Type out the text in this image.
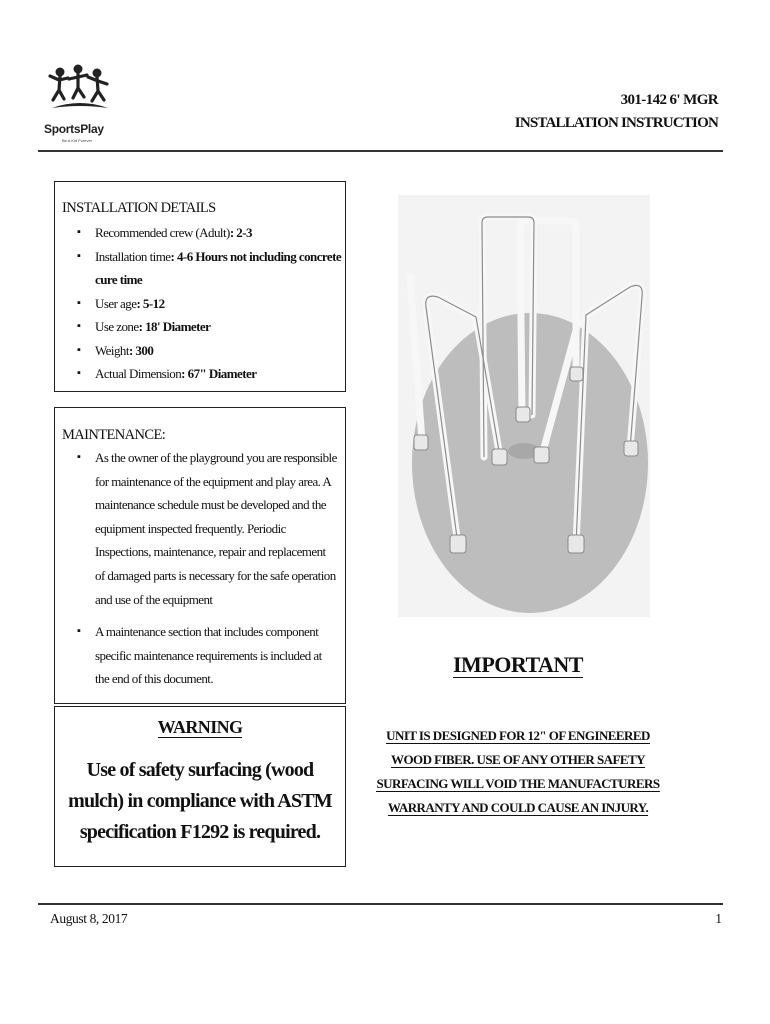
SportsPlay
Be A Kid Forever
301-142 6' MGR
INSTALLATION INSTRUCTION
INSTALLATION DETAILS
▪ Recommended crew (Adult): 2-3
▪ Installation time: 4-6 Hours not including concrete cure time
▪ User age: 5-12
▪ Use zone: 18' Diameter
▪ Weight: 300
▪ Actual Dimension: 67" Diameter
MAINTENANCE:
▪ As the owner of the playground you are responsible for maintenance of the equipment and play area. A maintenance schedule must be developed and the equipment inspected frequently. Periodic Inspections, maintenance, repair and replacement of damaged parts is necessary for the safe operation and use of the equipment
▪ A maintenance section that includes component specific maintenance requirements is included at the end of this document.
WARNING
Use of safety surfacing (wood mulch) in compliance with ASTM specification F1292 is required.
IMPORTANT
UNIT IS DESIGNED FOR 12" OF ENGINEERED WOOD FIBER. USE OF ANY OTHER SAFETY SURFACING WILL VOID THE MANUFACTURERS WARRANTY AND COULD CAUSE AN INJURY.
August 8, 2017	1
